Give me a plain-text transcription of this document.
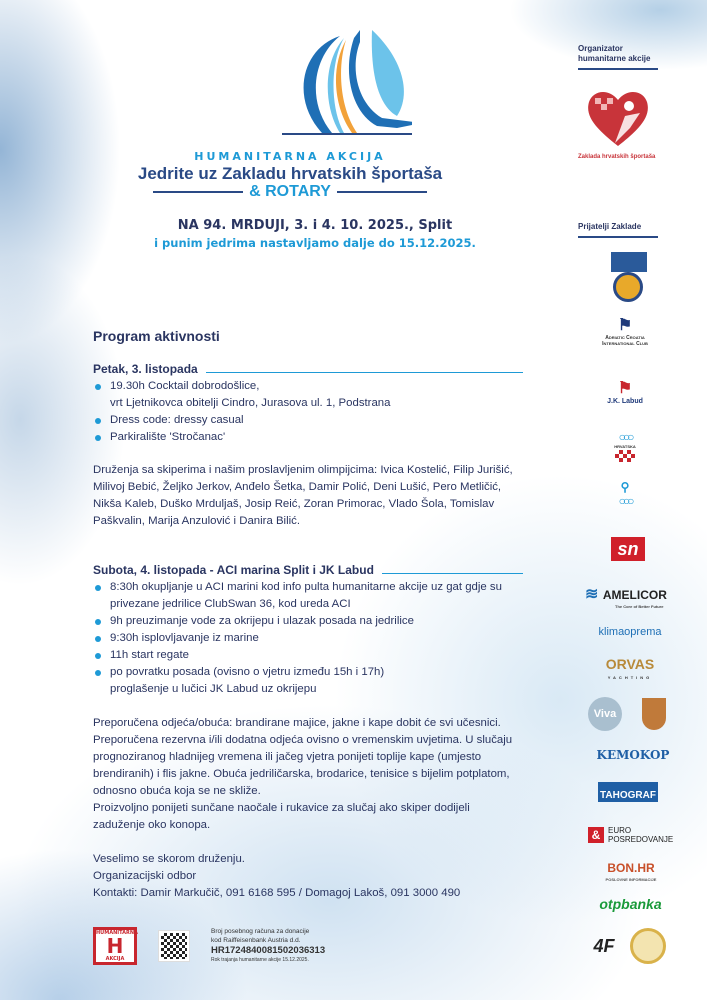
HUMANITARNA AKCIJA
Jedrite uz Zakladu hrvatskih športaša
& ROTARY
NA 94. MRDUJI, 3. i 4. 10. 2025., Split
i punim jedrima nastavljamo dalje do 15.12.2025.
Program aktivnosti
Petak, 3. listopada
19.30h Cocktail dobrodošlice,
vrt Ljetnikovca obitelji Cindro, Jurasova ul. 1, Podstrana
Dress code: dressy casual
Parkiralište 'Stročanac'

Druženja sa skiperima i našim proslavljenim olimpijcima: Ivica Kostelić, Filip Jurišić, Milivoj Bebić, Željko Jerkov, Anđelo Šetka, Damir Polić, Deni Lušić, Pero Metličić, Nikša Kaleb, Duško Mrduljaš, Josip Reić, Zoran Primorac, Vlado Šola, Tomislav Paškvalin, Marija Anzulović i Danira Bilić.

Subota, 4. listopada - ACI marina Split i JK Labud
8:30h okupljanje u ACI marini kod info pulta humanitarne akcije uz gat gdje su privezane jedrilice ClubSwan 36, kod ureda ACI
9h preuzimanje vode za okrijepu i ulazak posada na jedrilice
9:30h isplovljavanje iz marine
11h start regate
po povratku posada (ovisno o vjetru između 15h i 17h)
proglašenje u lučici JK Labud uz okrijepu

Preporučena odjeća/obuća: brandirane majice, jakne i kape dobit će svi učesnici. Preporučena rezervna i/ili dodatna odjeća ovisno o vremenskim uvjetima. U slučaju prognoziranog hladnijeg vremena ili jačeg vjetra ponijeti toplije kape (umjesto brendiranih) i flis jakne. Obuća jedriličarska, brodarice, tenisice s bijelim potplatom, odnosno obuća koja se ne skliže.
Proizvoljno ponijeti sunčane naočale i rukavice za slučaj ako skiper dodijeli zaduženje oko konopa.

Veselimo se skorom druženju.
Organizacijski odbor
Kontakti: Damir Markučič, 091 6168 595 / Domagoj Lakoš, 091 3000 490
HUMANITARNA
H
AKCIJA
Broj posebnog računa za donacije
kod Raiffeisenbank Austria d.d.
HR1724840081502036313
Rok trajanja humanitarne akcije 15.12.2025.
Organizator humanitarne akcije
Zaklada hrvatskih športaša
Prijatelji Zaklade
⚑
Adriatic Croatia International Club
⚑
J.K. Labud
○○○
HRVATSKA
⚲
○○○
sn
≋ AMELICOR
The Core of Better Future
klimaoprema
ORVAS
YACHTING
Viva
KEMOKOP
TAHOGRAF
& EURO POSREDOVANJE
BON.HR
POSLOVNE INFORMACIJE
otpbanka
4F
